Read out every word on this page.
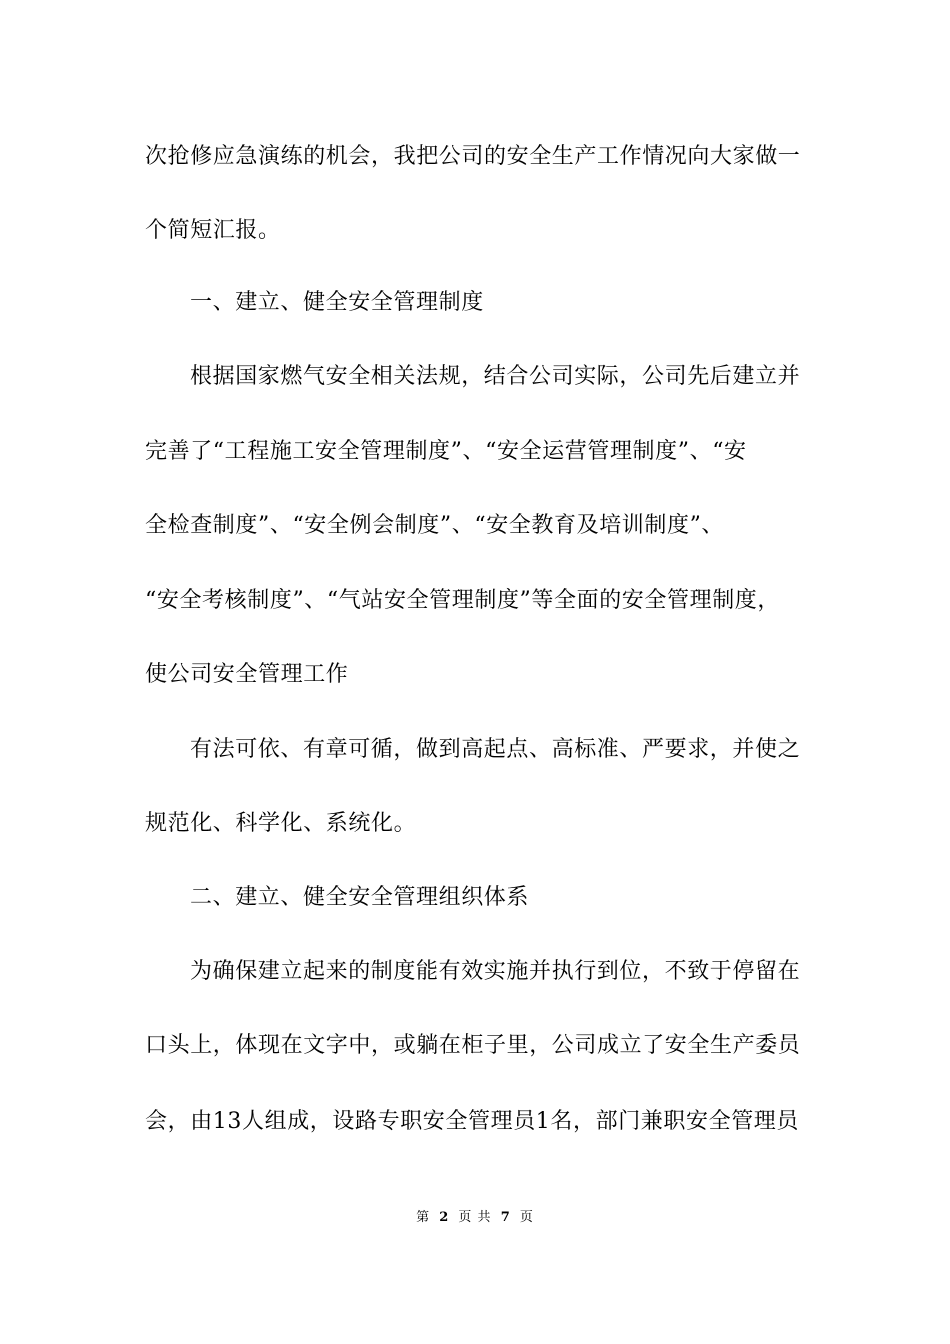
次抢修应急演练的机会，我把公司的安全生产工作情况向大家做一
个简短汇报。
一、建立、健全安全管理制度
根据国家燃气安全相关法规，结合公司实际，公司先后建立并
完善了“工程施工安全管理制度”、“安全运营管理制度”、“安
全检查制度”、“安全例会制度”、“安全教育及培训制度”、
“安全考核制度”、“气站安全管理制度”等全面的安全管理制度，
使公司安全管理工作
有法可依、有章可循，做到高起点、高标准、严要求，并使之
规范化、科学化、系统化。
二、建立、健全安全管理组织体系
为确保建立起来的制度能有效实施并执行到位，不致于停留在
口头上，体现在文字中，或躺在柜子里，公司成立了安全生产委员
会，由13人组成，设路专职安全管理员1名，部门兼职安全管理员
第 2 页 共 7 页
